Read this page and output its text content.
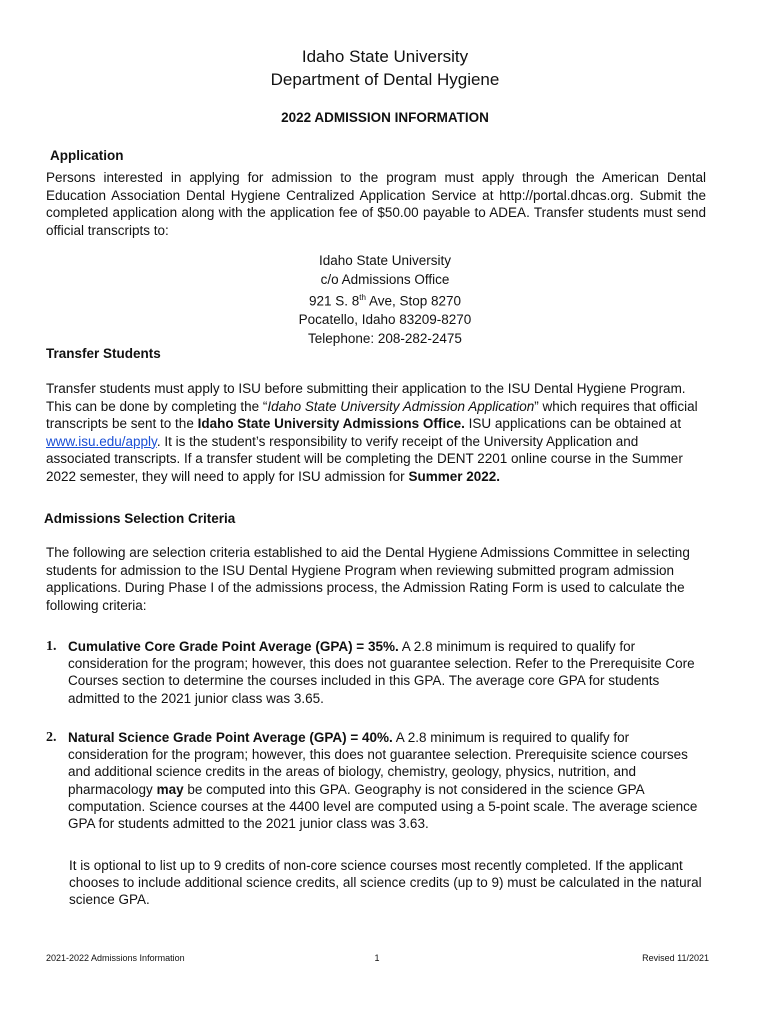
Idaho State University
Department of Dental Hygiene
2022 ADMISSION INFORMATION
Application
Persons interested in applying for admission to the program must apply through the American Dental Education Association Dental Hygiene Centralized Application Service at http://portal.dhcas.org. Submit the completed application along with the application fee of $50.00 payable to ADEA. Transfer students must send official transcripts to:
Idaho State University
c/o Admissions Office
921 S. 8th Ave, Stop 8270
Pocatello, Idaho 83209-8270
Telephone: 208-282-2475
Transfer Students
Transfer students must apply to ISU before submitting their application to the ISU Dental Hygiene Program. This can be done by completing the “Idaho State University Admission Application” which requires that official transcripts be sent to the Idaho State University Admissions Office. ISU applications can be obtained at www.isu.edu/apply. It is the student’s responsibility to verify receipt of the University Application and associated transcripts. If a transfer student will be completing the DENT 2201 online course in the Summer 2022 semester, they will need to apply for ISU admission for Summer 2022.
Admissions Selection Criteria
The following are selection criteria established to aid the Dental Hygiene Admissions Committee in selecting students for admission to the ISU Dental Hygiene Program when reviewing submitted program admission applications. During Phase I of the admissions process, the Admission Rating Form is used to calculate the following criteria:
1. Cumulative Core Grade Point Average (GPA) = 35%. A 2.8 minimum is required to qualify for consideration for the program; however, this does not guarantee selection. Refer to the Prerequisite Core Courses section to determine the courses included in this GPA. The average core GPA for students admitted to the 2021 junior class was 3.65.
2. Natural Science Grade Point Average (GPA) = 40%. A 2.8 minimum is required to qualify for consideration for the program; however, this does not guarantee selection. Prerequisite science courses and additional science credits in the areas of biology, chemistry, geology, physics, nutrition, and pharmacology may be computed into this GPA. Geography is not considered in the science GPA computation. Science courses at the 4400 level are computed using a 5-point scale. The average science GPA for students admitted to the 2021 junior class was 3.63.
It is optional to list up to 9 credits of non-core science courses most recently completed. If the applicant chooses to include additional science credits, all science credits (up to 9) must be calculated in the natural science GPA.
2021-2022 Admissions Information	1	Revised 11/2021
